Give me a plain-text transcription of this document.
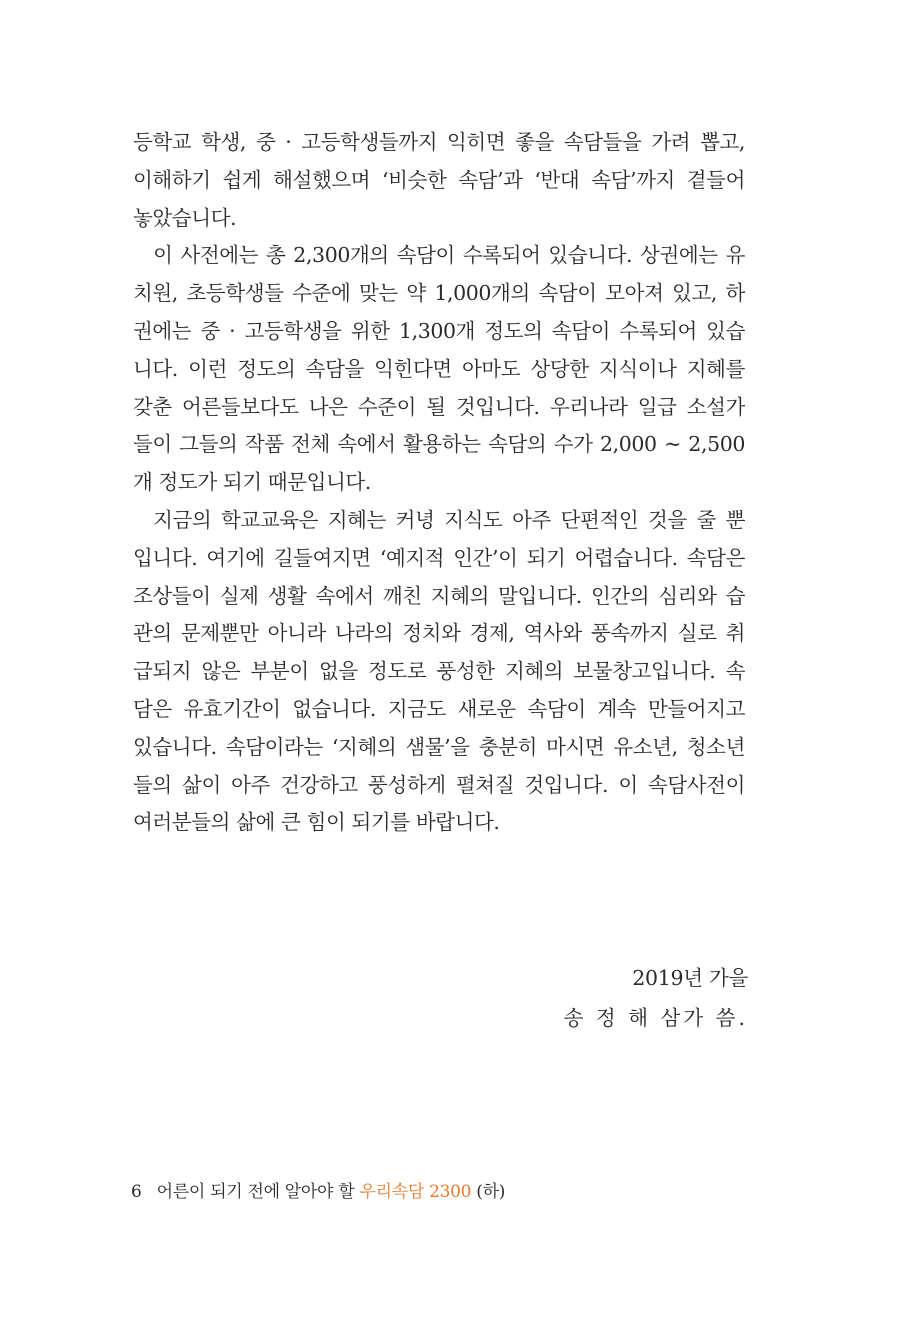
등학교 학생, 중 · 고등학생들까지 익히면 좋을 속담들을 가려 뽑고,
이해하기 쉽게 해설했으며 ‘비슷한 속담’과 ‘반대 속담’까지 곁들어
놓았습니다.
 이 사전에는 총 2,300개의 속담이 수록되어 있습니다. 상권에는 유
치원, 초등학생들 수준에 맞는 약 1,000개의 속담이 모아져 있고, 하
권에는 중 · 고등학생을 위한 1,300개 정도의 속담이 수록되어 있습
니다. 이런 정도의 속담을 익힌다면 아마도 상당한 지식이나 지혜를
갖춘 어른들보다도 나은 수준이 될 것입니다. 우리나라 일급 소설가
들이 그들의 작품 전체 속에서 활용하는 속담의 수가 2,000 ~ 2,500
개 정도가 되기 때문입니다.
 지금의 학교교육은 지혜는 커녕 지식도 아주 단편적인 것을 줄 뿐
입니다. 여기에 길들여지면 ‘예지적 인간’이 되기 어렵습니다. 속담은
조상들이 실제 생활 속에서 깨친 지혜의 말입니다. 인간의 심리와 습
관의 문제뿐만 아니라 나라의 정치와 경제, 역사와 풍속까지 실로 취
급되지 않은 부분이 없을 정도로 풍성한 지혜의 보물창고입니다. 속
담은 유효기간이 없습니다. 지금도 새로운 속담이 계속 만들어지고
있습니다. 속담이라는 ‘지혜의 샘물’을 충분히 마시면 유소년, 청소년
들의 삶이 아주 건강하고 풍성하게 펼쳐질 것입니다. 이 속담사전이
여러분들의 삶에 큰 힘이 되기를 바랍니다.
2019년 가을
송 정 해 삼가 씀.
6 어른이 되기 전에 알아야 할 우리속담 2300 (하)
